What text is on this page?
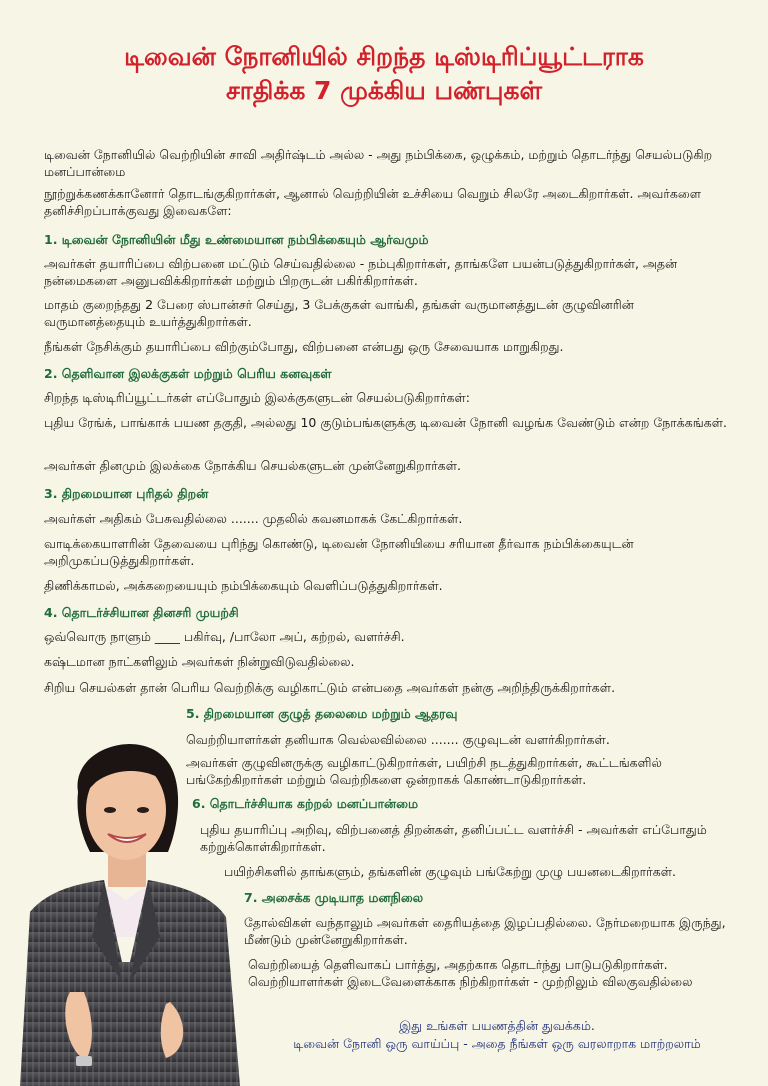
டிவைன் நோனியில் சிறந்த டிஸ்டிரிப்யூட்டராக
சாதிக்க 7 முக்கிய பண்புகள்

டிவைன் நோனியில் வெற்றியின் சாவி அதிர்ஷ்டம் அல்ல - அது நம்பிக்கை, ஒழுக்கம், மற்றும் தொடர்ந்து செயல்படுகிற மனப்பான்மை

நூற்றுக்கணக்கானோர் தொடங்குகிறார்கள், ஆனால் வெற்றியின் உச்சியை வெறும் சிலரே அடைகிறார்கள். அவர்களை தனிச்சிறப்பாக்குவது இவைகளே:

1. டிவைன் நோனியின் மீது உண்மையான நம்பிக்கையும் ஆர்வமும்

அவர்கள் தயாரிப்பை விற்பனை மட்டும் செய்வதில்லை - நம்புகிறார்கள், தாங்களே பயன்படுத்துகிறார்கள், அதன் நன்மைகளை அனுபவிக்கிறார்கள் மற்றும் பிறருடன் பகிர்கிறார்கள்.

மாதம் குறைந்தது 2 பேரை ஸ்பான்சர் செய்து, 3 பேக்குகள் வாங்கி, தங்கள் வருமானத்துடன் குழுவினரின் வருமானத்தையும் உயர்த்துகிறார்கள்.

நீங்கள் நேசிக்கும் தயாரிப்பை விற்கும்போது, விற்பனை என்பது ஒரு சேவையாக மாறுகிறது.

2. தெளிவான இலக்குகள் மற்றும் பெரிய கனவுகள்

சிறந்த டிஸ்டிரிப்யூட்டர்கள் எப்போதும் இலக்குகளுடன் செயல்படுகிறார்கள்:

புதிய ரேங்க், பாங்காக் பயண தகுதி, அல்லது 10 குடும்பங்களுக்கு டிவைன் நோனி வழங்க வேண்டும் என்ற நோக்கங்கள்.

அவர்கள் தினமும் இலக்கை நோக்கிய செயல்களுடன் முன்னேறுகிறார்கள்.

3. திறமையான புரிதல் திறன்

அவர்கள் அதிகம் பேசுவதில்லை ....... முதலில் கவனமாகக் கேட்கிறார்கள்.

வாடிக்கையாளரின் தேவையை புரிந்து கொண்டு, டிவைன் நோனியியை சரியான தீர்வாக நம்பிக்கையுடன் அறிமுகப்படுத்துகிறார்கள்.

திணிக்காமல், அக்கறையையும் நம்பிக்கையும் வெளிப்படுத்துகிறார்கள்.

4. தொடர்ச்சியான தினசரி முயற்சி

ஒவ்வொரு நாளும் ____ பகிர்வு, /பாலோ அப், கற்றல், வளர்ச்சி.

கஷ்டமான நாட்களிலும் அவர்கள் நின்றுவிடுவதில்லை.

சிறிய செயல்கள் தான் பெரிய வெற்றிக்கு வழிகாட்டும் என்பதை அவர்கள் நன்கு அறிந்திருக்கிறார்கள்.

5. திறமையான குழுத் தலைமை மற்றும் ஆதரவு

வெற்றியாளர்கள் தனியாக வெல்லவில்லை ....... குழுவுடன் வளர்கிறார்கள்.

அவர்கள் குழுவினருக்கு வழிகாட்டுகிறார்கள், பயிற்சி நடத்துகிறார்கள், கூட்டங்களில் பங்கேற்கிறார்கள் மற்றும் வெற்றிகளை ஒன்றாகக் கொண்டாடுகிறார்கள்.

6. தொடர்ச்சியாக கற்றல் மனப்பான்மை

புதிய தயாரிப்பு அறிவு, விற்பனைத் திறன்கள், தனிப்பட்ட வளர்ச்சி - அவர்கள் எப்போதும் கற்றுக்கொள்கிறார்கள்.

பயிற்சிகளில் தாங்களும், தங்களின் குழுவும் பங்கேற்று முழு பயனடைகிறார்கள்.

7. அசைக்க முடியாத மனநிலை

தோல்விகள் வந்தாலும் அவர்கள் தைரியத்தை இழப்பதில்லை. நேர்மறையாக இருந்து, மீண்டும் முன்னேறுகிறார்கள்.

வெற்றியைத் தெளிவாகப் பார்த்து, அதற்காக தொடர்ந்து பாடுபடுகிறார்கள். வெற்றியாளர்கள் இடைவேளைக்காக நிற்கிறார்கள் - முற்றிலும் விலகுவதில்லை

இது உங்கள் பயணத்தின் துவக்கம்.
டிவைன் நோனி ஒரு வாய்ப்பு - அதை நீங்கள் ஒரு வரலாறாக மாற்றலாம்
